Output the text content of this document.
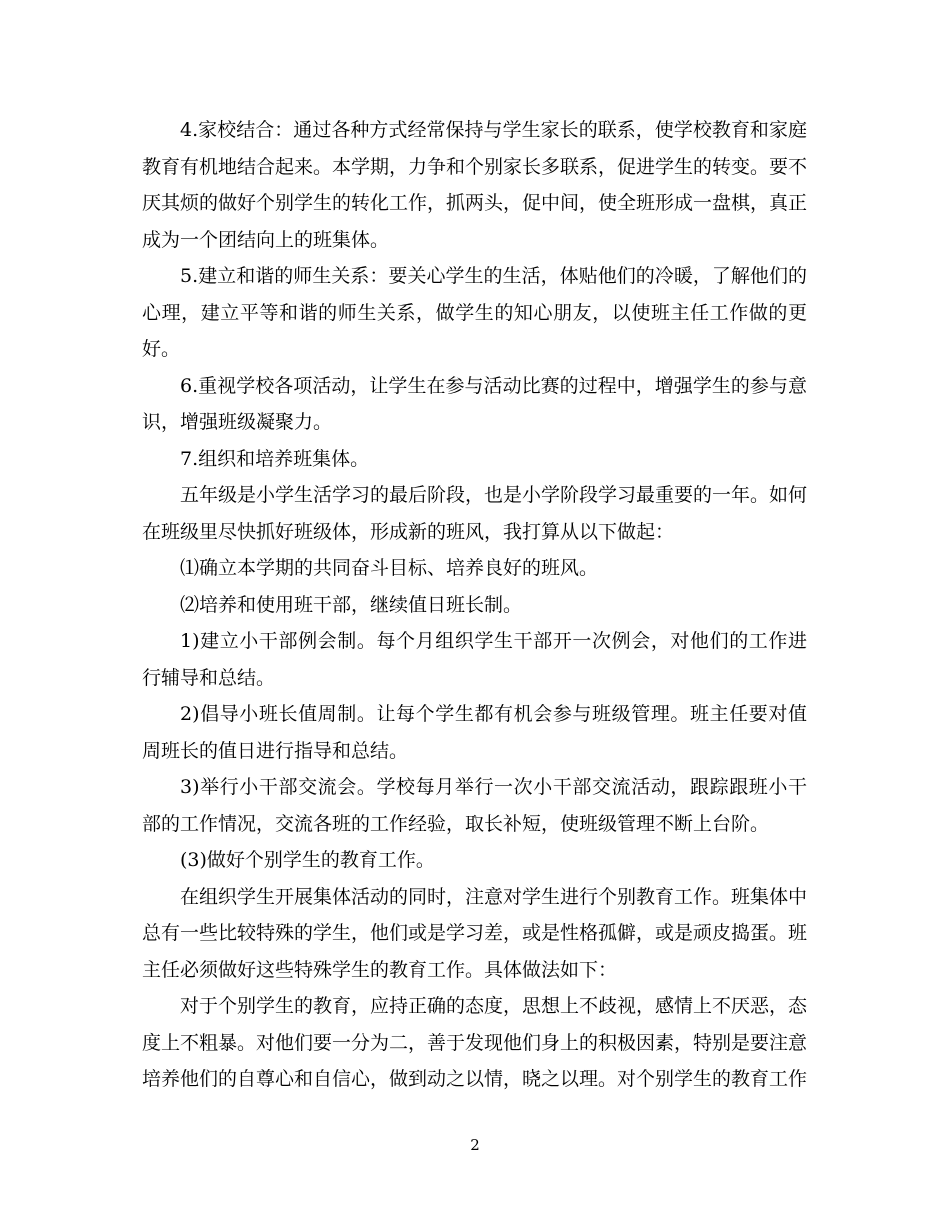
4.家校结合：通过各种方式经常保持与学生家长的联系，使学校教育和家庭教育有机地结合起来。本学期，力争和个别家长多联系，促进学生的转变。要不厌其烦的做好个别学生的转化工作，抓两头，促中间，使全班形成一盘棋，真正成为一个团结向上的班集体。

5.建立和谐的师生关系：要关心学生的生活，体贴他们的冷暖，了解他们的心理，建立平等和谐的师生关系，做学生的知心朋友，以使班主任工作做的更好。

6.重视学校各项活动，让学生在参与活动比赛的过程中，增强学生的参与意识，增强班级凝聚力。

7.组织和培养班集体。

五年级是小学生活学习的最后阶段，也是小学阶段学习最重要的一年。如何在班级里尽快抓好班级体，形成新的班风，我打算从以下做起：

⑴确立本学期的共同奋斗目标、培养良好的班风。

⑵培养和使用班干部，继续值日班长制。

1)建立小干部例会制。每个月组织学生干部开一次例会，对他们的工作进行辅导和总结。

2)倡导小班长值周制。让每个学生都有机会参与班级管理。班主任要对值周班长的值日进行指导和总结。

3)举行小干部交流会。学校每月举行一次小干部交流活动，跟踪跟班小干部的工作情况，交流各班的工作经验，取长补短，使班级管理不断上台阶。

(3)做好个别学生的教育工作。

在组织学生开展集体活动的同时，注意对学生进行个别教育工作。班集体中总有一些比较特殊的学生，他们或是学习差，或是性格孤僻，或是顽皮捣蛋。班主任必须做好这些特殊学生的教育工作。具体做法如下：

对于个别学生的教育，应持正确的态度，思想上不歧视，感情上不厌恶，态度上不粗暴。对他们要一分为二，善于发现他们身上的积极因素，特别是要注意培养他们的自尊心和自信心，做到动之以情，晓之以理。对个别学生的教育工作

2
